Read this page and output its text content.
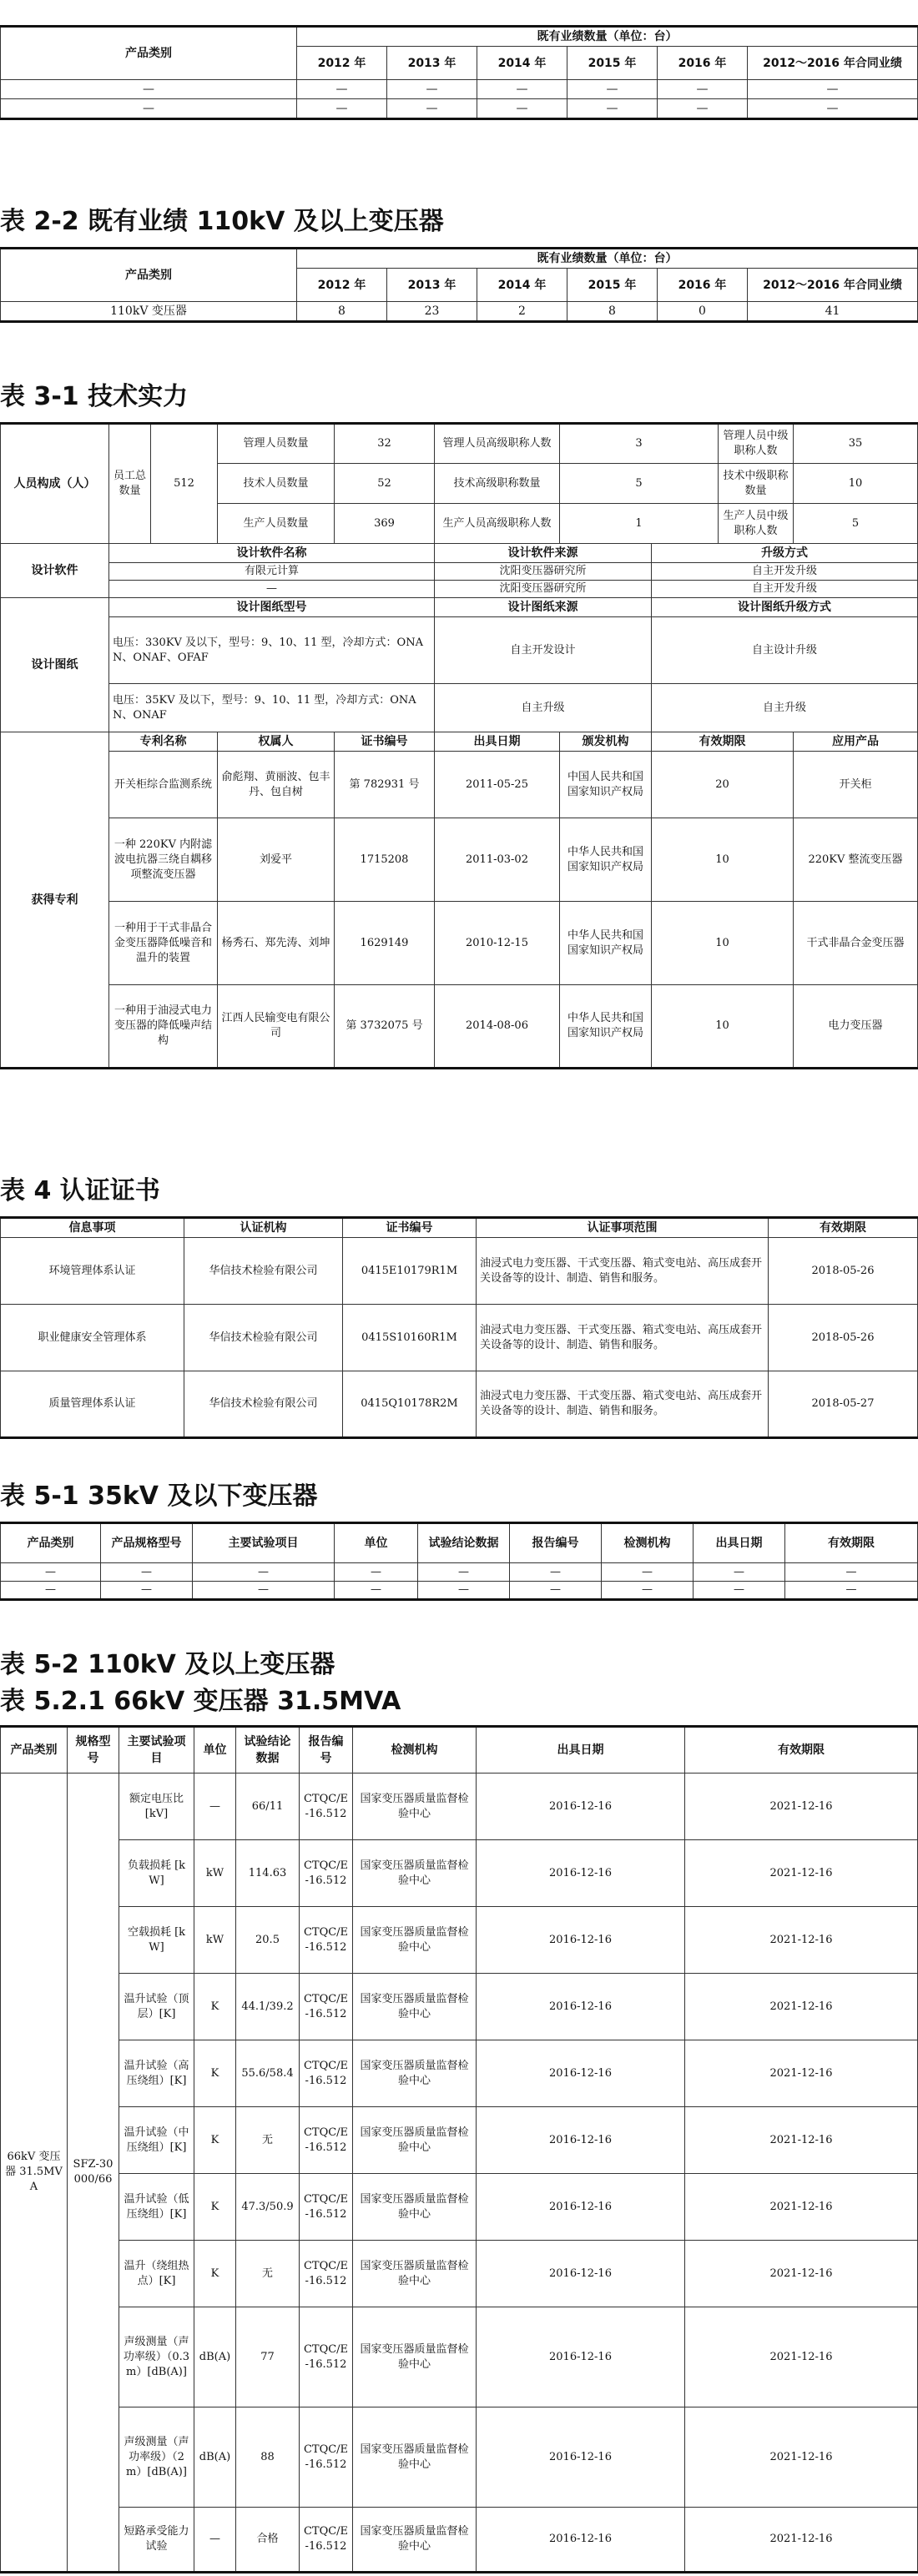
产品类别	既有业绩数量（单位：台）					
	2012 年	2013 年	2014 年	2015 年	2016 年	2012～2016 年合同业绩
—	—	—	—	—	—	—
—	—	—	—	—	—	—
表 2-2 既有业绩 110kV 及以上变压器
产品类别	既有业绩数量（单位：台）					
	2012 年	2013 年	2014 年	2015 年	2016 年	2012～2016 年合同业绩
110kV 变压器	8	23	2	8	0	41
表 3-1 技术实力
人员构成（人）	员工总数量	512	管理人员数量	32	管理人员高级职称人数	3		管理人员中级职称人数	35
			技术人员数量	52	技术高级职称数量	5		技术中级职称数量	10
			生产人员数量	369	生产人员高级职称人数	1		生产人员中级职称人数	5
设计软件	设计软件名称				设计软件来源		升级方式		
	有限元计算				沈阳变压器研究所		自主开发升级		
	—				沈阳变压器研究所		自主开发升级		
设计图纸	设计图纸型号				设计图纸来源		设计图纸升级方式		
	电压：330KV 及以下，型号：9、10、11 型，冷却方式：ONAN、ONAF、OFAF				自主开发设计		自主设计升级		
	电压：35KV 及以下，型号：9、10、11 型，冷却方式：ONAN、ONAF				自主升级		自主升级		
获得专利	专利名称		权属人	证书编号	出具日期	颁发机构	有效期限		应用产品
	开关柜综合监测系统		俞彪翔、黄丽波、包丰丹、包自树	第 782931 号	2011-05-25	中国人民共和国国家知识产权局	20		开关柜
	一种 220KV 内附滤波电抗器三绕自耦移项整流变压器		刘爱平	1715208	2011-03-02	中华人民共和国国家知识产权局	10		220KV 整流变压器
	一种用于干式非晶合金变压器降低噪音和温升的装置		杨秀石、郑先涛、刘坤	1629149	2010-12-15	中华人民共和国国家知识产权局	10		干式非晶合金变压器
	一种用于油浸式电力变压器的降低噪声结构		江西人民输变电有限公司	第 3732075 号	2014-08-06	中华人民共和国国家知识产权局	10		电力变压器
表 4 认证证书
信息事项	认证机构	证书编号	认证事项范围	有效期限
环境管理体系认证	华信技术检验有限公司	0415E10179R1M	油浸式电力变压器、干式变压器、箱式变电站、高压成套开关设备等的设计、制造、销售和服务。	2018-05-26
职业健康安全管理体系	华信技术检验有限公司	0415S10160R1M	油浸式电力变压器、干式变压器、箱式变电站、高压成套开关设备等的设计、制造、销售和服务。	2018-05-26
质量管理体系认证	华信技术检验有限公司	0415Q10178R2M	油浸式电力变压器、干式变压器、箱式变电站、高压成套开关设备等的设计、制造、销售和服务。	2018-05-27
表 5-1 35kV 及以下变压器
产品类别	产品规格型号	主要试验项目	单位	试验结论数据	报告编号	检测机构	出具日期	有效期限
—	—	—	—	—	—	—	—	—
—	—	—	—	—	—	—	—	—
表 5-2 110kV 及以上变压器
表 5.2.1 66kV 变压器 31.5MVA
产品类别	规格型号	主要试验项目	单位	试验结论数据	报告编号	检测机构	出具日期	有效期限
66kV 变压器 31.5MVA	SFZ-30000/66	额定电压比 [kV]	—	66/11	CTQC/E-16.512	国家变压器质量监督检验中心	2016-12-16	2021-12-16
		负载损耗 [kW]	kW	114.63	CTQC/E-16.512	国家变压器质量监督检验中心	2016-12-16	2021-12-16
		空载损耗 [kW]	kW	20.5	CTQC/E-16.512	国家变压器质量监督检验中心	2016-12-16	2021-12-16
		温升试验（顶层）[K]	K	44.1/39.2	CTQC/E-16.512	国家变压器质量监督检验中心	2016-12-16	2021-12-16
		温升试验（高压绕组）[K]	K	55.6/58.4	CTQC/E-16.512	国家变压器质量监督检验中心	2016-12-16	2021-12-16
		温升试验（中压绕组）[K]	K	无	CTQC/E-16.512	国家变压器质量监督检验中心	2016-12-16	2021-12-16
		温升试验（低压绕组）[K]	K	47.3/50.9	CTQC/E-16.512	国家变压器质量监督检验中心	2016-12-16	2021-12-16
		温升（绕组热点）[K]	K	无	CTQC/E-16.512	国家变压器质量监督检验中心	2016-12-16	2021-12-16
		声级测量（声功率级）（0.3m）[dB(A)]	dB(A)	77	CTQC/E-16.512	国家变压器质量监督检验中心	2016-12-16	2021-12-16
		声级测量（声功率级）（2m）[dB(A)]	dB(A)	88	CTQC/E-16.512	国家变压器质量监督检验中心	2016-12-16	2021-12-16
		短路承受能力试验	—	合格	CTQC/E-16.512	国家变压器质量监督检验中心	2016-12-16	2021-12-16
